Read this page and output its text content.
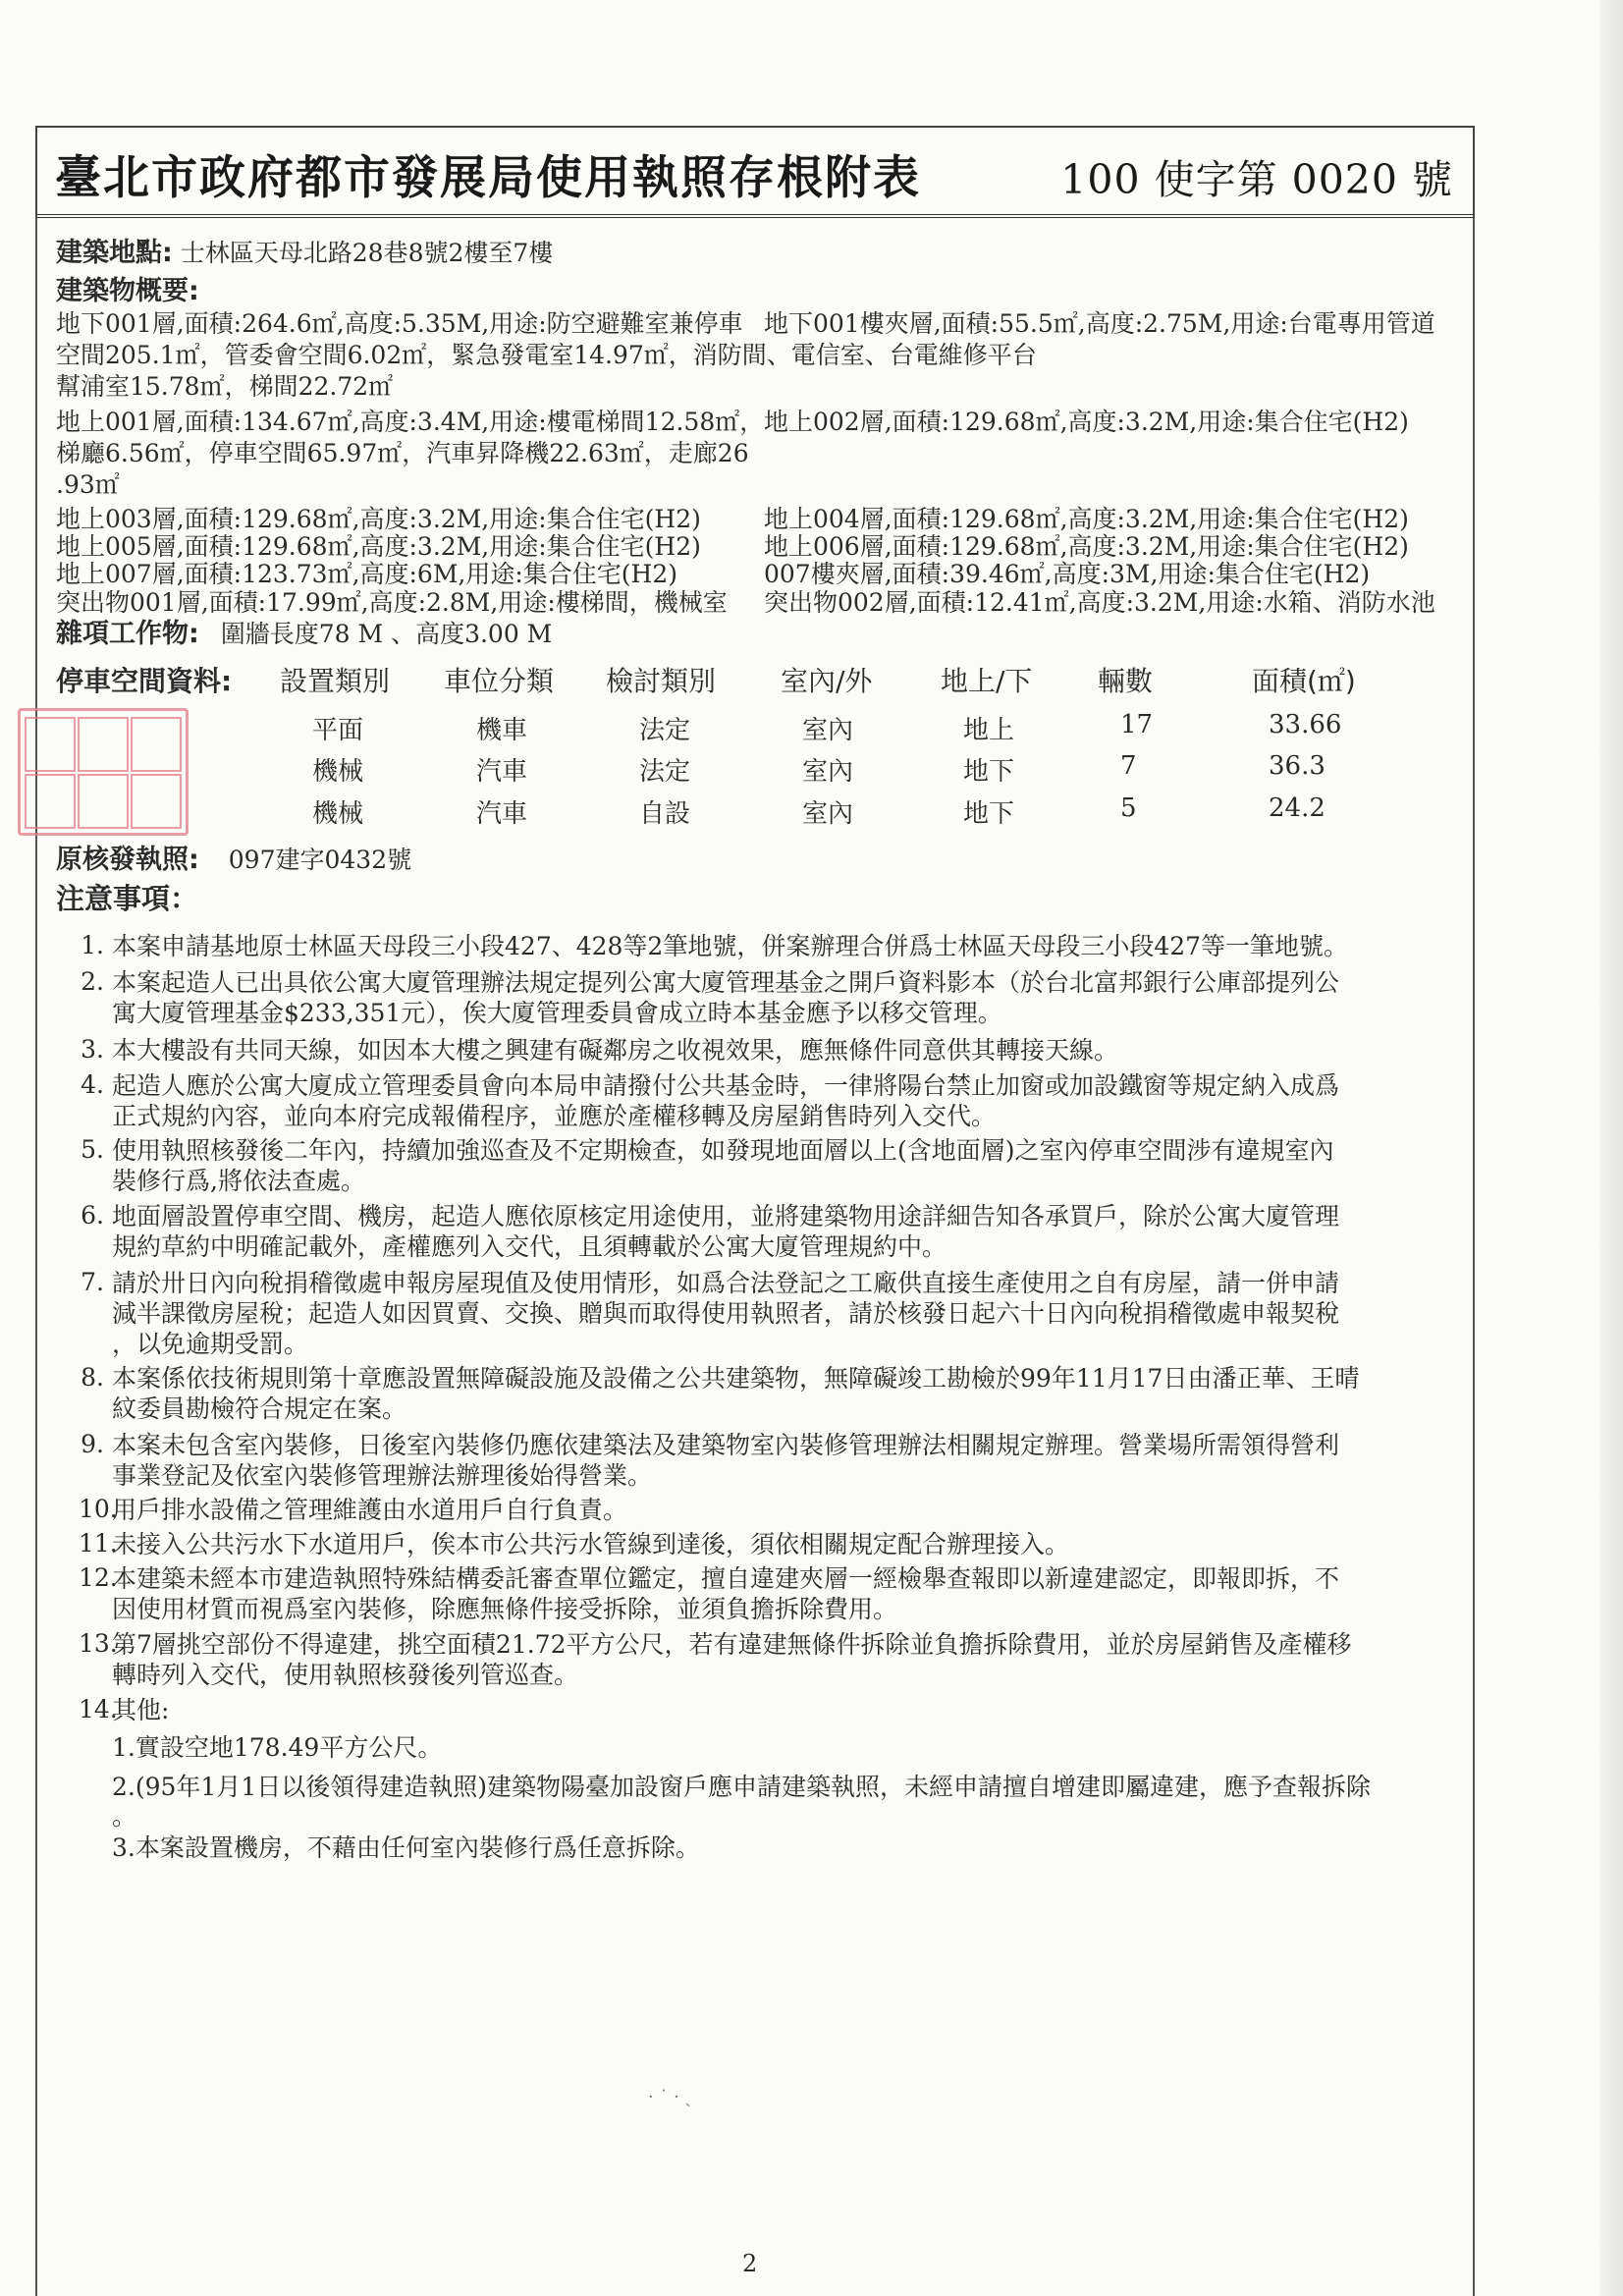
臺北市政府都市發展局使用執照存根附表	100 使字第 0020 號
建築地點: 士林區天母北路28巷8號2樓至7樓
建築物概要:
地下001層,面積:264.6㎡,高度:5.35M,用途:防空避難室兼停車 地下001樓夾層,面積:55.5㎡,高度:2.75M,用途:台電專用管道
空間205.1㎡，管委會空間6.02㎡，緊急發電室14.97㎡，消防間、電信室、台電維修平台
幫浦室15.78㎡，梯間22.72㎡
地上001層,面積:134.67㎡,高度:3.4M,用途:樓電梯間12.58㎡， 地上002層,面積:129.68㎡,高度:3.2M,用途:集合住宅(H2)
梯廳6.56㎡，停車空間65.97㎡，汽車昇降機22.63㎡，走廊26
.93㎡
地上003層,面積:129.68㎡,高度:3.2M,用途:集合住宅(H2)	地上004層,面積:129.68㎡,高度:3.2M,用途:集合住宅(H2)
地上005層,面積:129.68㎡,高度:3.2M,用途:集合住宅(H2)	地上006層,面積:129.68㎡,高度:3.2M,用途:集合住宅(H2)
地上007層,面積:123.73㎡,高度:6M,用途:集合住宅(H2)	007樓夾層,面積:39.46㎡,高度:3M,用途:集合住宅(H2)
突出物001層,面積:17.99㎡,高度:2.8M,用途:樓梯間，機械室 突出物002層,面積:12.41㎡,高度:3.2M,用途:水箱、消防水池
雜項工作物: 圍牆長度78 M 、高度3.00 M
停車空間資料: 設置類別 車位分類 檢討類別 室內/外 地上/下 輛數	面積(㎡)
平面	機車	法定	室內	地上	17	33.66
機械	汽車	法定	室內	地下	7	36.3
機械	汽車	自設	室內	地下	5	24.2
原核發執照: 097建字0432號
注意事項：
1. 本案申請基地原士林區天母段三小段427、428等2筆地號，併案辦理合併爲士林區天母段三小段427等一筆地號。
2. 本案起造人已出具依公寓大廈管理辦法規定提列公寓大廈管理基金之開戶資料影本（於台北富邦銀行公庫部提列公
寓大廈管理基金$233,351元），俟大廈管理委員會成立時本基金應予以移交管理。
3. 本大樓設有共同天線，如因本大樓之興建有礙鄰房之收視效果，應無條件同意供其轉接天線。
4. 起造人應於公寓大廈成立管理委員會向本局申請撥付公共基金時，一律將陽台禁止加窗或加設鐵窗等規定納入成爲
正式規約內容，並向本府完成報備程序，並應於產權移轉及房屋銷售時列入交代。
5. 使用執照核發後二年內，持續加強巡查及不定期檢查，如發現地面層以上(含地面層)之室內停車空間涉有違規室內
裝修行爲,將依法查處。
6. 地面層設置停車空間、機房，起造人應依原核定用途使用，並將建築物用途詳細告知各承買戶，除於公寓大廈管理
規約草約中明確記載外，產權應列入交代，且須轉載於公寓大廈管理規約中。
7. 請於卅日內向稅捐稽徵處申報房屋現值及使用情形，如爲合法登記之工廠供直接生產使用之自有房屋，請一併申請
減半課徵房屋稅；起造人如因買賣、交換、贈與而取得使用執照者，請於核發日起六十日內向稅捐稽徵處申報契稅
，以免逾期受罰。
8. 本案係依技術規則第十章應設置無障礙設施及設備之公共建築物，無障礙竣工勘檢於99年11月17日由潘正華、王晴
紋委員勘檢符合規定在案。
9. 本案未包含室內裝修，日後室內裝修仍應依建築法及建築物室內裝修管理辦法相關規定辦理。營業場所需領得營利
事業登記及依室內裝修管理辦法辦理後始得營業。
10.
用戶排水設備之管理維護由水道用戶自行負責。
11.
未接入公共污水下水道用戶，俟本市公共污水管線到達後，須依相關規定配合辦理接入。
12.
本建築未經本市建造執照特殊結構委託審查單位鑑定，擅自違建夾層一經檢舉查報即以新違建認定，即報即拆，不
因使用材質而視爲室內裝修，除應無條件接受拆除，並須負擔拆除費用。
13.
第7層挑空部份不得違建，挑空面積21.72平方公尺，若有違建無條件拆除並負擔拆除費用，並於房屋銷售及產權移
轉時列入交代，使用執照核發後列管巡查。
14.
其他:
1.實設空地178.49平方公尺。
2.(95年1月1日以後領得建造執照)建築物陽臺加設窗戶應申請建築執照，未經申請擅自增建即屬違建，應予查報拆除
。
3.本案設置機房，不藉由任何室內裝修行爲任意拆除。
· ˙ · ˎ
2
